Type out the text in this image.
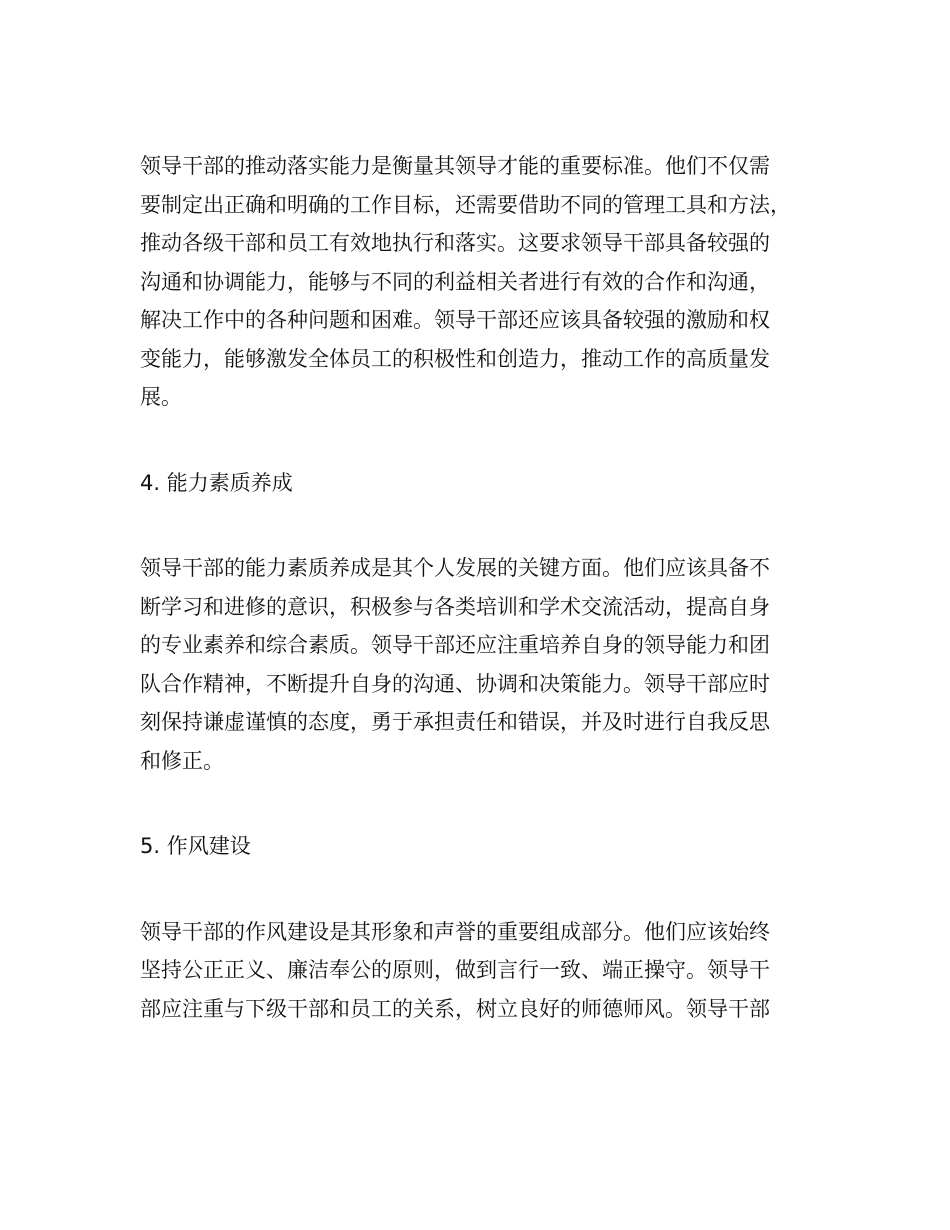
领导干部的推动落实能力是衡量其领导才能的重要标准。他们不仅需
要制定出正确和明确的工作目标，还需要借助不同的管理工具和方法，
推动各级干部和员工有效地执行和落实。这要求领导干部具备较强的
沟通和协调能力，能够与不同的利益相关者进行有效的合作和沟通，
解决工作中的各种问题和困难。领导干部还应该具备较强的激励和权
变能力，能够激发全体员工的积极性和创造力，推动工作的高质量发
展。
4. 能力素质养成
领导干部的能力素质养成是其个人发展的关键方面。他们应该具备不
断学习和进修的意识，积极参与各类培训和学术交流活动，提高自身
的专业素养和综合素质。领导干部还应注重培养自身的领导能力和团
队合作精神，不断提升自身的沟通、协调和决策能力。领导干部应时
刻保持谦虚谨慎的态度，勇于承担责任和错误，并及时进行自我反思
和修正。
5. 作风建设
领导干部的作风建设是其形象和声誉的重要组成部分。他们应该始终
坚持公正正义、廉洁奉公的原则，做到言行一致、端正操守。领导干
部应注重与下级干部和员工的关系，树立良好的师德师风。领导干部
